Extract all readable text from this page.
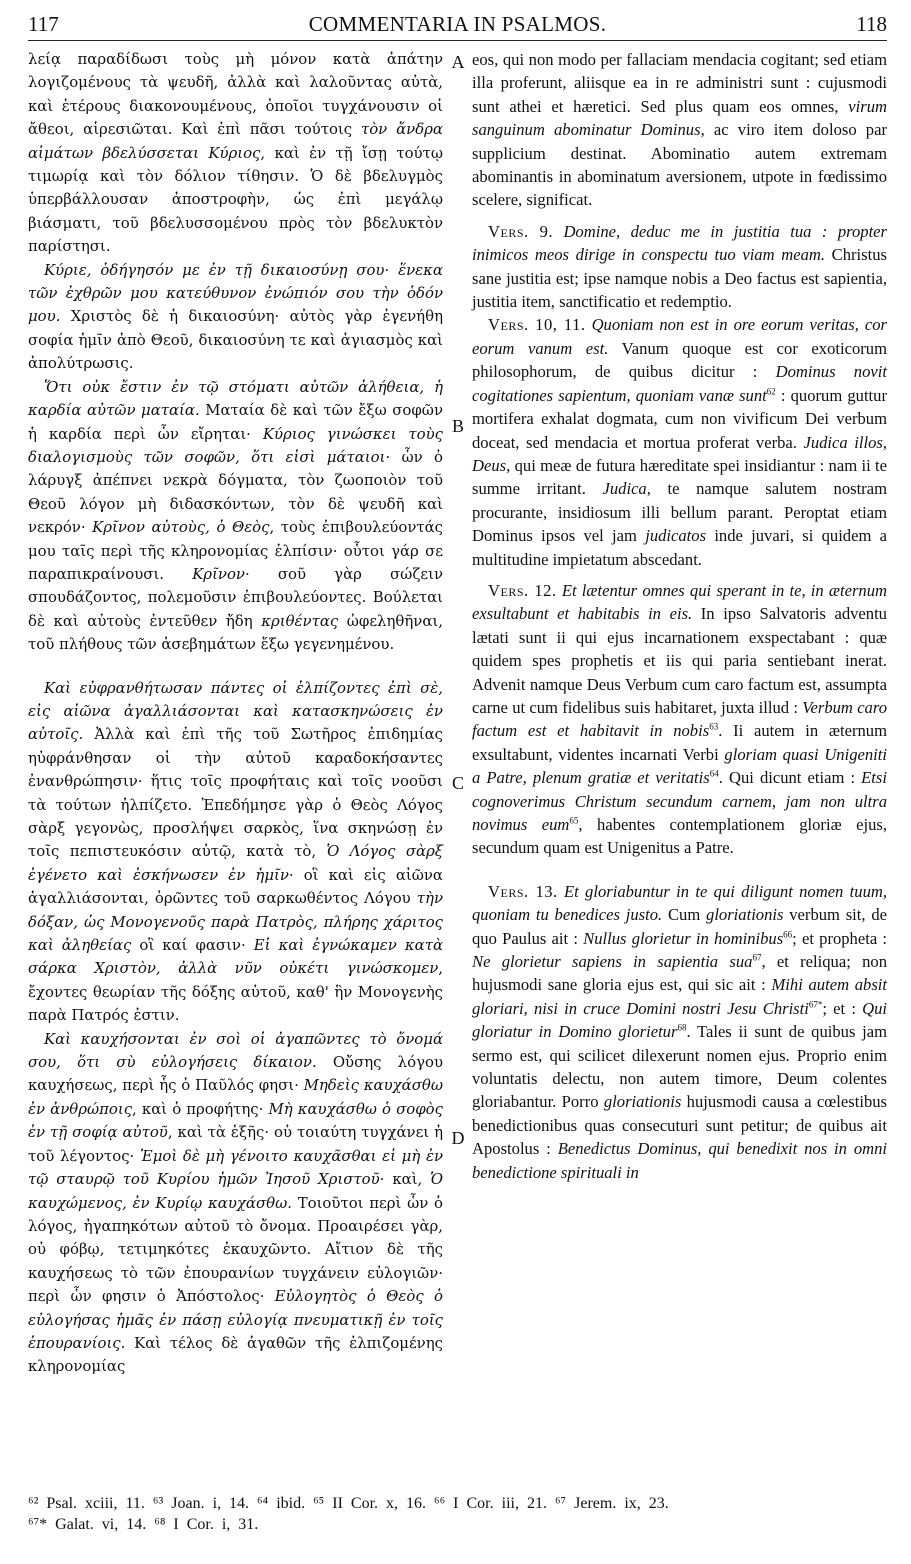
117	COMMENTARIA IN PSALMOS.	118

λείᾳ παραδίδωσι τοὺς μὴ μόνον κατὰ ἀπάτην λογιζομένους τὰ ψευδῆ, ἀλλὰ καὶ λαλοῦντας αὐτὰ, καὶ ἑτέρους διακονουμένους, ὁποῖοι τυγχάνουσιν οἱ ἄθεοι, αἱρεσιῶται. Καὶ ἐπὶ πᾶσι τούτοις τὸν ἄνδρα αἱμάτων βδελύσσεται Κύριος, καὶ ἐν τῇ ἴσῃ τούτῳ τιμωρίᾳ καὶ τὸν δόλιον τίθησιν. Ὁ δὲ βδελυγμὸς ὑπερβάλλουσαν ἀποστροφὴν, ὡς ἐπὶ μεγάλῳ βιάσματι, τοῦ βδελυσσομένου πρὸς τὸν βδελυκτὸν παρίστησι.

Κύριε, ὁδήγησόν με ἐν τῇ δικαιοσύνῃ σου· ἕνεκα τῶν ἐχθρῶν μου κατεύθυνον ἐνώπιόν σου τὴν ὁδόν μου. Χριστὸς δὲ ἡ δικαιοσύνη· αὐτὸς γὰρ ἐγενήθη σοφία ἡμῖν ἀπὸ Θεοῦ, δικαιοσύνη τε καὶ ἁγιασμὸς καὶ ἀπολύτρωσις.

Ὅτι οὐκ ἔστιν ἐν τῷ στόματι αὐτῶν ἀλήθεια, ἡ καρδία αὐτῶν ματαία. Ματαία δὲ καὶ τῶν ἔξω σοφῶν ἡ καρδία περὶ ὧν εἴρηται· Κύριος γινώσκει τοὺς διαλογισμοὺς τῶν σοφῶν, ὅτι εἰσὶ μάταιοι· ὧν ὁ λάρυγξ ἀπέπνει νεκρὰ δόγματα, τὸν ζωοποιὸν τοῦ Θεοῦ λόγον μὴ διδασκόντων, τὸν δὲ ψευδῆ καὶ νεκρόν· Κρῖνον αὐτοὺς, ὁ Θεὸς, τοὺς ἐπιβουλεύοντάς μου ταῖς περὶ τῆς κληρονομίας ἐλπίσιν· οὗτοι γάρ σε παραπικραίνουσι. Κρῖνον· σοῦ γὰρ σώζειν σπουδάζοντος, πολεμοῦσιν ἐπιβουλεύοντες. Βούλεται δὲ καὶ αὐτοὺς ἐντεῦθεν ἤδη κριθέντας ὠφεληθῆναι, τοῦ πλήθους τῶν ἀσεβημάτων ἔξω γεγενημένου.

Καὶ εὐφρανθήτωσαν πάντες οἱ ἐλπίζοντες ἐπὶ σὲ, εἰς αἰῶνα ἀγαλλιάσονται καὶ κατασκηνώσεις ἐν αὐτοῖς. Ἀλλὰ καὶ ἐπὶ τῆς τοῦ Σωτῆρος ἐπιδημίας ηὐφράνθησαν οἱ τὴν αὐτοῦ καραδοκήσαντες ἐνανθρώπησιν· ἥτις τοῖς προφήταις καὶ τοῖς νοοῦσι τὰ τούτων ἠλπίζετο. Ἐπεδήμησε γὰρ ὁ Θεὸς Λόγος σὰρξ γεγονὼς, προσλήψει σαρκὸς, ἵνα σκηνώσῃ ἐν τοῖς πεπιστευκόσιν αὐτῷ, κατὰ τὸ, Ὁ Λόγος σὰρξ ἐγένετο καὶ ἐσκήνωσεν ἐν ἡμῖν· οἳ καὶ εἰς αἰῶνα ἀγαλλιάσονται, ὁρῶντες τοῦ σαρκωθέντος Λόγου τὴν δόξαν, ὡς Μονογενοῦς παρὰ Πατρὸς, πλήρης χάριτος καὶ ἀληθείας οἳ καί φασιν· Εἰ καὶ ἐγνώκαμεν κατὰ σάρκα Χριστὸν, ἀλλὰ νῦν οὐκέτι γινώσκομεν, ἔχοντες θεωρίαν τῆς δόξης αὐτοῦ, καθ' ἣν Μονογενὴς παρὰ Πατρός ἐστιν.

Καὶ καυχήσονται ἐν σοὶ οἱ ἀγαπῶντες τὸ ὄνομά σου, ὅτι σὺ εὐλογήσεις δίκαιον. Οὔσης λόγου καυχήσεως, περὶ ἧς ὁ Παῦλός φησι· Μηδεὶς καυχάσθω ἐν ἀνθρώποις, καὶ ὁ προφήτης· Μὴ καυχάσθω ὁ σοφὸς ἐν τῇ σοφίᾳ αὐτοῦ, καὶ τὰ ἑξῆς· οὐ τοιαύτη τυγχάνει ἡ τοῦ λέγοντος· Ἐμοὶ δὲ μὴ γένοιτο καυχᾶσθαι εἰ μὴ ἐν τῷ σταυρῷ τοῦ Κυρίου ἡμῶν Ἰησοῦ Χριστοῦ· καὶ, Ὁ καυχώμενος, ἐν Κυρίῳ καυχάσθω. Τοιοῦτοι περὶ ὧν ὁ λόγος, ἠγαπηκότων αὐτοῦ τὸ ὄνομα. Προαιρέσει γὰρ, οὐ φόβῳ, τετιμηκότες ἐκαυχῶντο. Αἴτιον δὲ τῆς καυχήσεως τὸ τῶν ἐπουρανίων τυγχάνειν εὐλογιῶν· περὶ ὧν φησιν ὁ Ἀπόστολος· Εὐλογητὸς ὁ Θεὸς ὁ εὐλογήσας ἡμᾶς ἐν πάσῃ εὐλογίᾳ πνευματικῇ ἐν τοῖς ἐπουρανίοις. Καὶ τέλος δὲ ἀγαθῶν τῆς ἐλπιζομένης κληρονομίας

A
B
C
D

eos, qui non modo per fallaciam mendacia cogitant; sed etiam illa proferunt, aliisque ea in re administri sunt : cujusmodi sunt athei et hæretici. Sed plus quam eos omnes, virum sanguinum abominatur Dominus, ac viro item doloso par supplicium destinat. Abominatio autem extremam abominantis in abominatum aversionem, utpote in fœdissimo scelere, significat.

Vers. 9. Domine, deduc me in justitia tua : propter inimicos meos dirige in conspectu tuo viam meam. Christus sane justitia est; ipse namque nobis a Deo factus est sapientia, justitia item, sanctificatio et redemptio.

Vers. 10, 11. Quoniam non est in ore eorum veritas, cor eorum vanum est. Vanum quoque est cor exoticorum philosophorum, de quibus dicitur : Dominus novit cogitationes sapientum, quoniam vanæ sunt$^{62}$ : quorum guttur mortifera exhalat dogmata, cum non vivificum Dei verbum doceat, sed mendacia et mortua proferat verba. Judica illos, Deus, qui meæ de futura hæreditate spei insidiantur : nam ii te summe irritant. Judica, te namque salutem nostram procurante, insidiosum illi bellum parant. Peroptat etiam Dominus ipsos vel jam judicatos inde juvari, si quidem a multitudine impietatum abscedant.

Vers. 12. Et lætentur omnes qui sperant in te, in æternum exsultabunt et habitabis in eis. In ipso Salvatoris adventu lætati sunt ii qui ejus incarnationem exspectabant : quæ quidem spes prophetis et iis qui paria sentiebant inerat. Advenit namque Deus Verbum cum caro factum est, assumpta carne ut cum fidelibus suis habitaret, juxta illud : Verbum caro factum est et habitavit in nobis$^{63}$. Ii autem in æternum exsultabunt, videntes incarnati Verbi gloriam quasi Unigeniti a Patre, plenum gratiæ et veritatis$^{64}$. Qui dicunt etiam : Etsi cognoverimus Christum secundum carnem, jam non ultra novimus eum$^{65}$, habentes contemplationem gloriæ ejus, secundum quam est Unigenitus a Patre.

Vers. 13. Et gloriabuntur in te qui diligunt nomen tuum, quoniam tu benedices justo. Cum gloriationis verbum sit, de quo Paulus ait : Nullus glorietur in hominibus$^{66}$; et propheta : Ne glorietur sapiens in sapientia sua$^{67}$, et reliqua; non hujusmodi sane gloria ejus est, qui sic ait : Mihi autem absit gloriari, nisi in cruce Domini nostri Jesu Christi$^{67*}$; et : Qui gloriatur in Domino glorietur$^{68}$. Tales ii sunt de quibus jam sermo est, qui scilicet dilexerunt nomen ejus. Proprio enim voluntatis delectu, non autem timore, Deum colentes gloriabantur. Porro gloriationis hujusmodi causa a cœlestibus benedictionibus quas consecuturi sunt petitur; de quibus ait Apostolus : Benedictus Dominus, qui benedixit nos in omni benedictione spirituali in

⁶² Psal. xciii, 11. ⁶³ Joan. i, 14. ⁶⁴ ibid. ⁶⁵ II Cor. x, 16. ⁶⁶ I Cor. iii, 21. ⁶⁷ Jerem. ix, 23.
⁶⁷* Galat. vi, 14. ⁶⁸ I Cor. i, 31.
